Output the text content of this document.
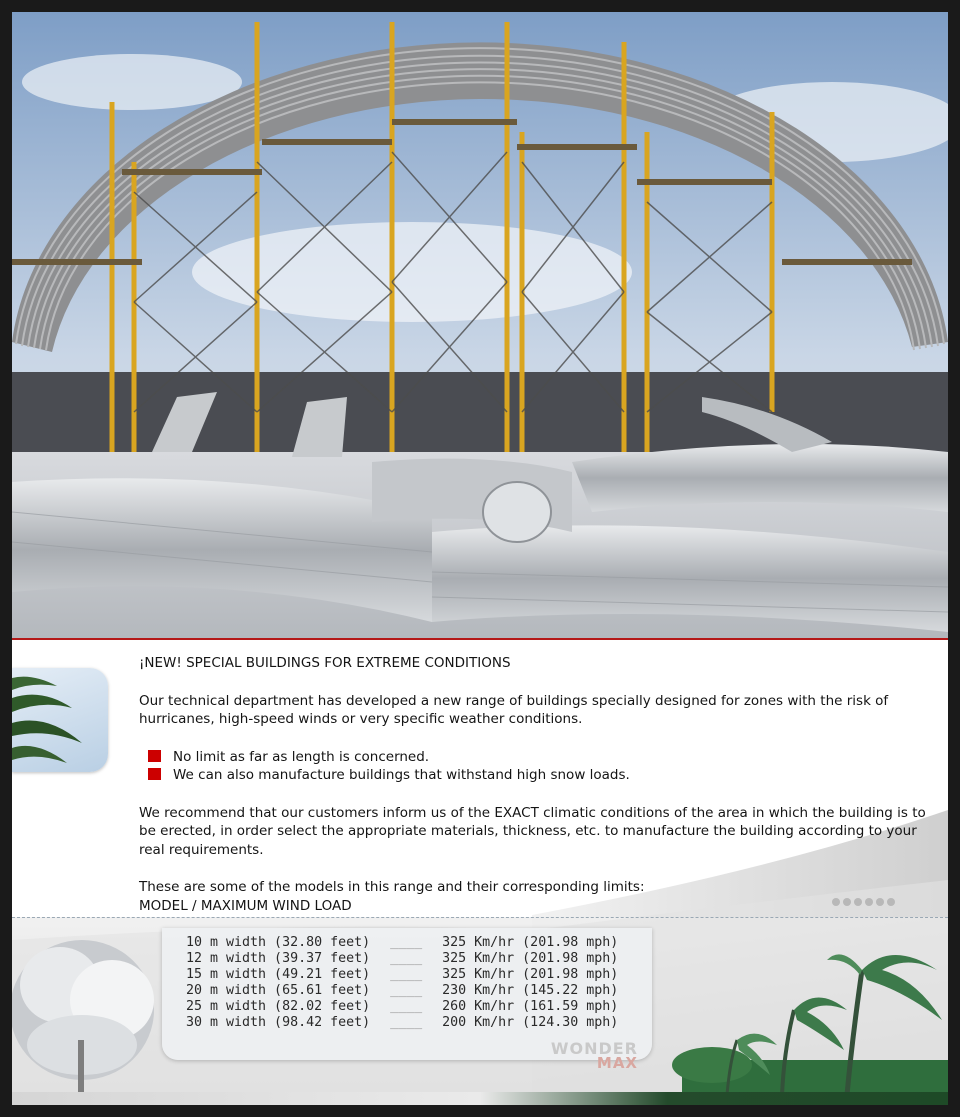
¡NEW! SPECIAL BUILDINGS FOR EXTREME CONDITIONS

Our technical department has developed a new range of buildings specially designed for zones with the risk of hurricanes, high-speed winds or very specific weather conditions.

No limit as far as length is concerned.
We can also manufacture buildings that withstand high snow loads.

We recommend that our customers inform us of the EXACT climatic conditions of the area in which the building is to be erected, in order select the appropriate materials, thickness, etc. to manufacture the building according to your real requirements.

These are some of the models in this range and their corresponding limits:

MODEL / MAXIMUM WIND LOAD

10 m width (32.80 feet)	____	325 Km/hr (201.98 mph)
12 m width (39.37 feet)	____	325 Km/hr (201.98 mph)
15 m width (49.21 feet)	____	325 Km/hr (201.98 mph)
20 m width (65.61 feet)	____	230 Km/hr (145.22 mph)
25 m width (82.02 feet)	____	260 Km/hr (161.59 mph)
30 m width (98.42 feet)	____	200 Km/hr (124.30 mph)
WONDER
MAX
